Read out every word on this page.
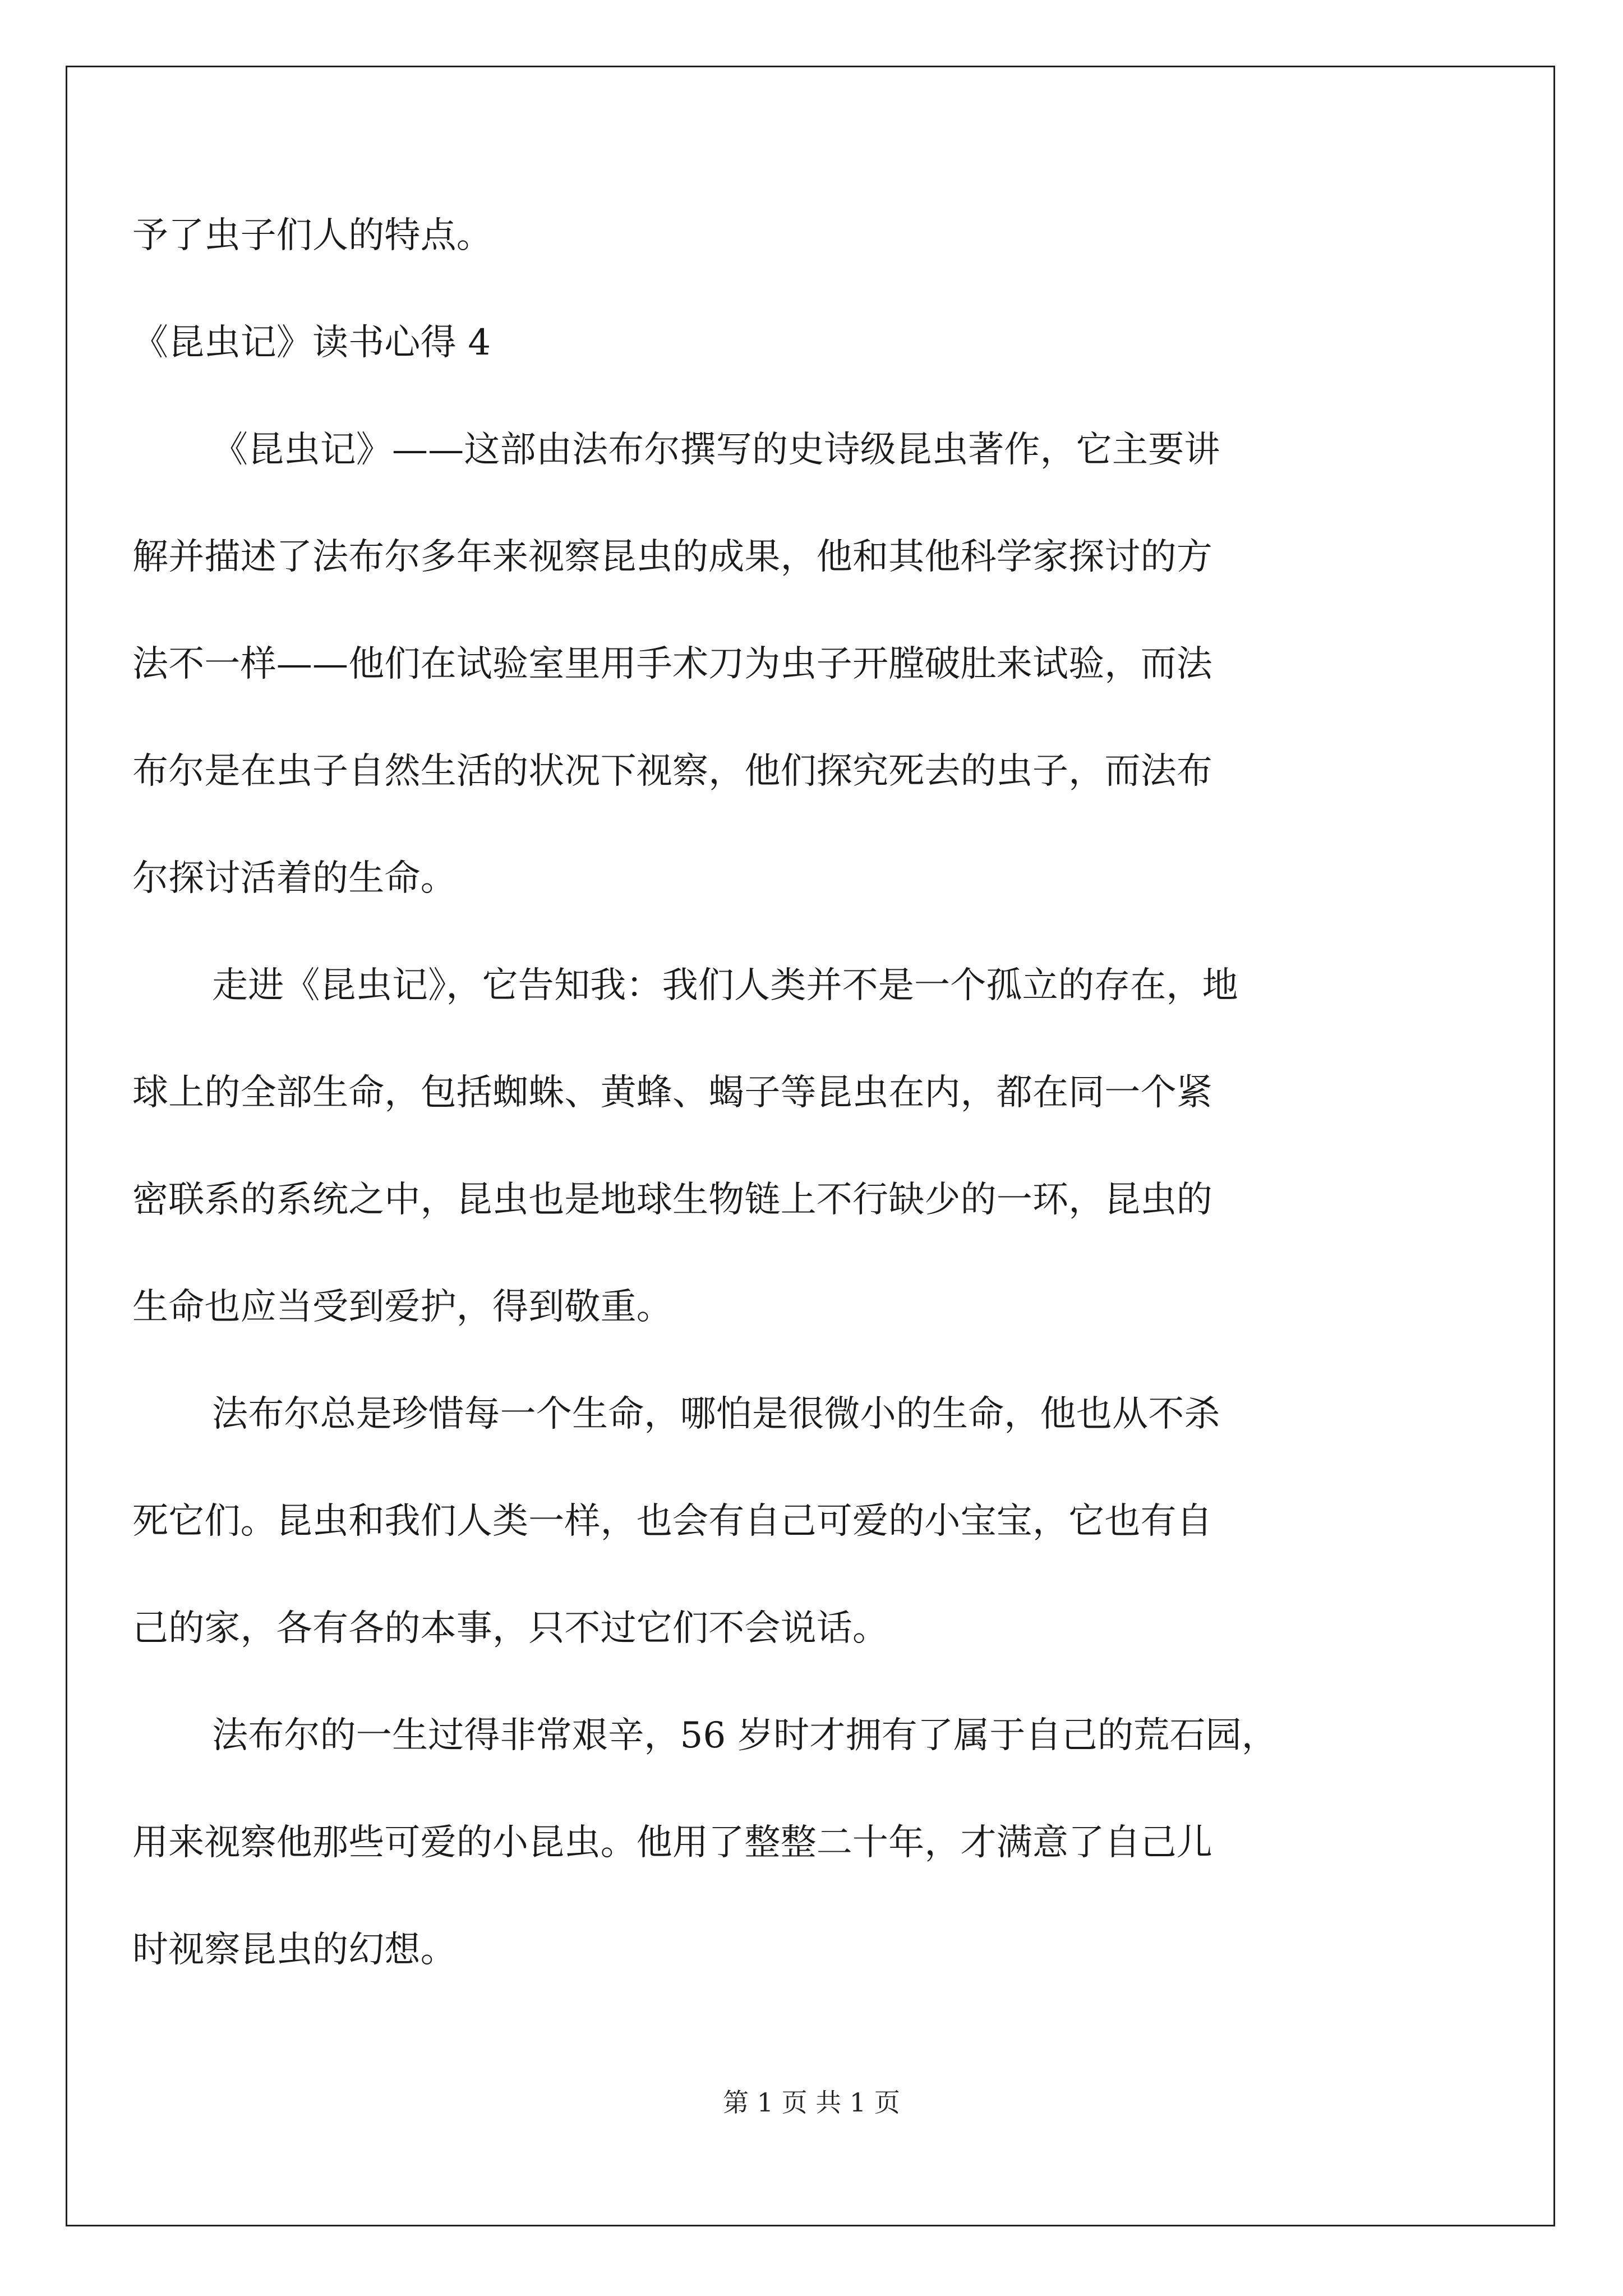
予了虫子们人的特点。

《昆虫记》读书心得 4

《昆虫记》——这部由法布尔撰写的史诗级昆虫著作，它主要讲

解并描述了法布尔多年来视察昆虫的成果，他和其他科学家探讨的方

法不一样——他们在试验室里用手术刀为虫子开膛破肚来试验，而法

布尔是在虫子自然生活的状况下视察，他们探究死去的虫子，而法布

尔探讨活着的生命。

走进《昆虫记》，它告知我：我们人类并不是一个孤立的存在，地

球上的全部生命，包括蜘蛛、黄蜂、蝎子等昆虫在内，都在同一个紧

密联系的系统之中，昆虫也是地球生物链上不行缺少的一环，昆虫的

生命也应当受到爱护，得到敬重。

法布尔总是珍惜每一个生命，哪怕是很微小的生命，他也从不杀

死它们。昆虫和我们人类一样，也会有自己可爱的小宝宝，它也有自

己的家，各有各的本事，只不过它们不会说话。

法布尔的一生过得非常艰辛，56 岁时才拥有了属于自己的荒石园，

用来视察他那些可爱的小昆虫。他用了整整二十年，才满意了自己儿

时视察昆虫的幻想。

第 1 页 共 1 页
